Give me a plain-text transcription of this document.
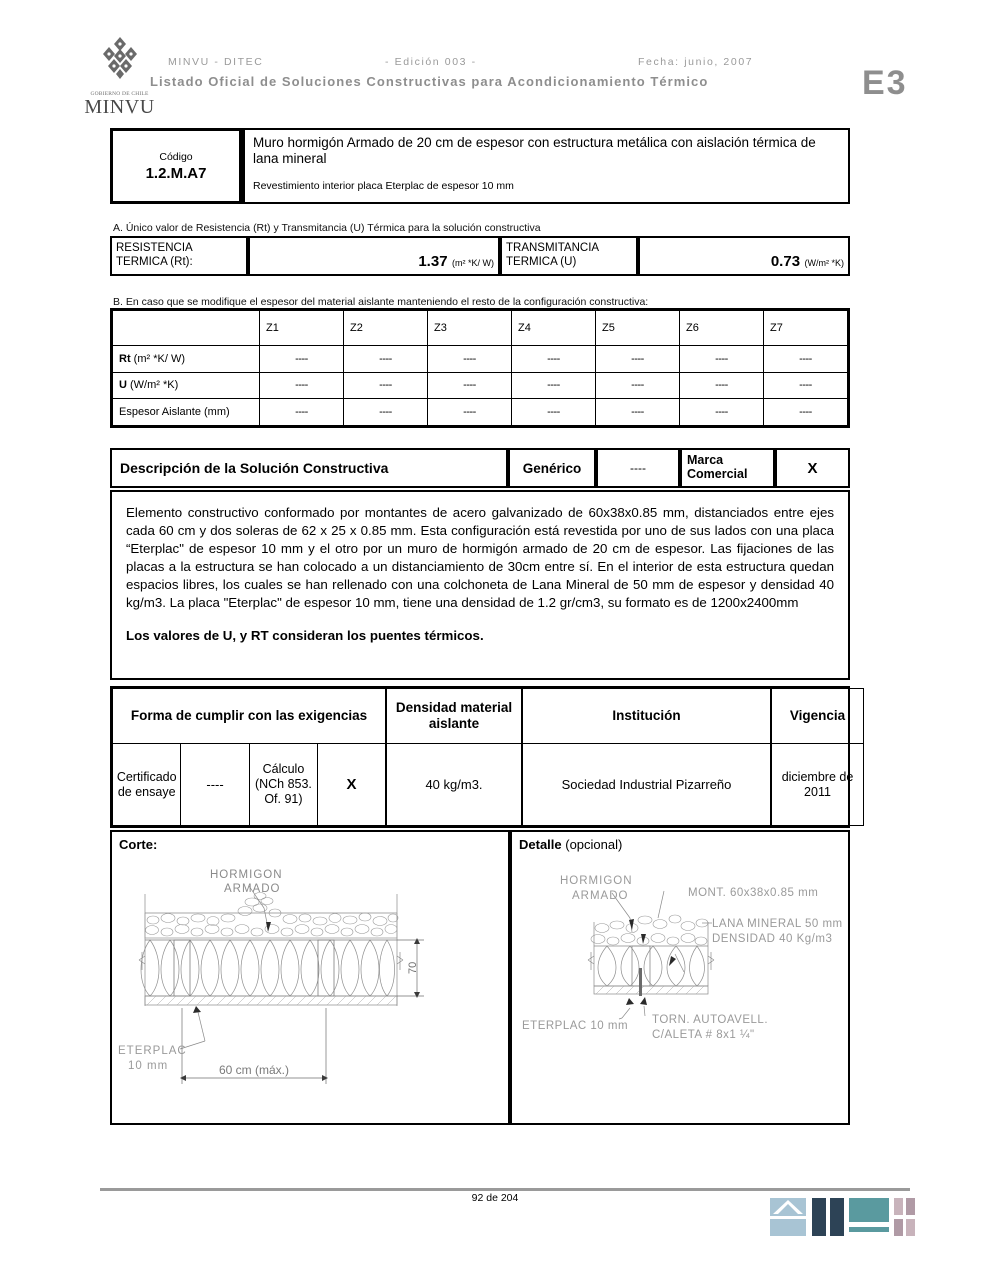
GOBIERNO DE CHILE
MINVU
MINVU - DITEC	- Edición 003 -	Fecha: junio, 2007
Listado Oficial de Soluciones Constructivas para Acondicionamiento Térmico	E3
Código
1.2.M.A7
Muro hormigón Armado de 20 cm de espesor con estructura metálica con aislación térmica de lana mineral
Revestimiento interior placa Eterplac de espesor 10 mm
A. Único valor de Resistencia (Rt) y Transmitancia (U) Térmica para la solución constructiva
RESISTENCIA
TERMICA (Rt):	1.37 (m² *K/ W)
TRANSMITANCIA
TERMICA (U)	0.73 (W/m² *K)
B. En caso que se modifique el espesor del material aislante manteniendo el resto de la configuración constructiva:
	Z1	Z2	Z3	Z4	Z5	Z6	Z7
Rt (m² *K/ W)	----	----	----	----	----	----	----
U (W/m² *K)	----	----	----	----	----	----	----
Espesor Aislante (mm)	----	----	----	----	----	----	----
Descripción de la Solución Constructiva	Genérico	----
Marca
Comercial	X
Elemento constructivo conformado por montantes de acero galvanizado de 60x38x0.85 mm, distanciados entre ejes cada 60 cm y dos soleras de 62 x 25 x 0.85 mm. Esta configuración está revestida por uno de sus lados con una placa “Eterplac" de espesor 10 mm y el otro por un muro de hormigón armado de 20 cm de espesor. Las fijaciones de las placas a la estructura se han colocado a un distanciamiento de 30cm entre sí. En el interior de esta estructura quedan espacios libres, los cuales se han rellenado con una colchoneta de Lana Mineral de 50 mm de espesor y densidad 40 kg/m3. La placa "Eterplac" de espesor 10 mm, tiene una densidad de 1.2 gr/cm3, su formato es de 1200x2400mm
Los valores de U, y RT consideran los puentes térmicos.
Forma de cumplir con las exigencias				Densidad material aislante	Institución	Vigencia
Certificado de ensaye	----	Cálculo (NCh 853. Of. 91)	X	40 kg/m3.	Sociedad Industrial Pizarreño	diciembre de 2011
Corte:
70
60 cm (máx.)
HORMIGON
ARMADO
ETERPLAC
10 mm
Detalle (opcional)
HORMIGON
ARMADO	MONT. 60x38x0.85 mm
LANA MINERAL 50 mm
DENSIDAD 40 Kg/m3
ETERPLAC 10 mm TORN. AUTOAVELL.
C/ALETA # 8x1 ¼"
92 de 204
